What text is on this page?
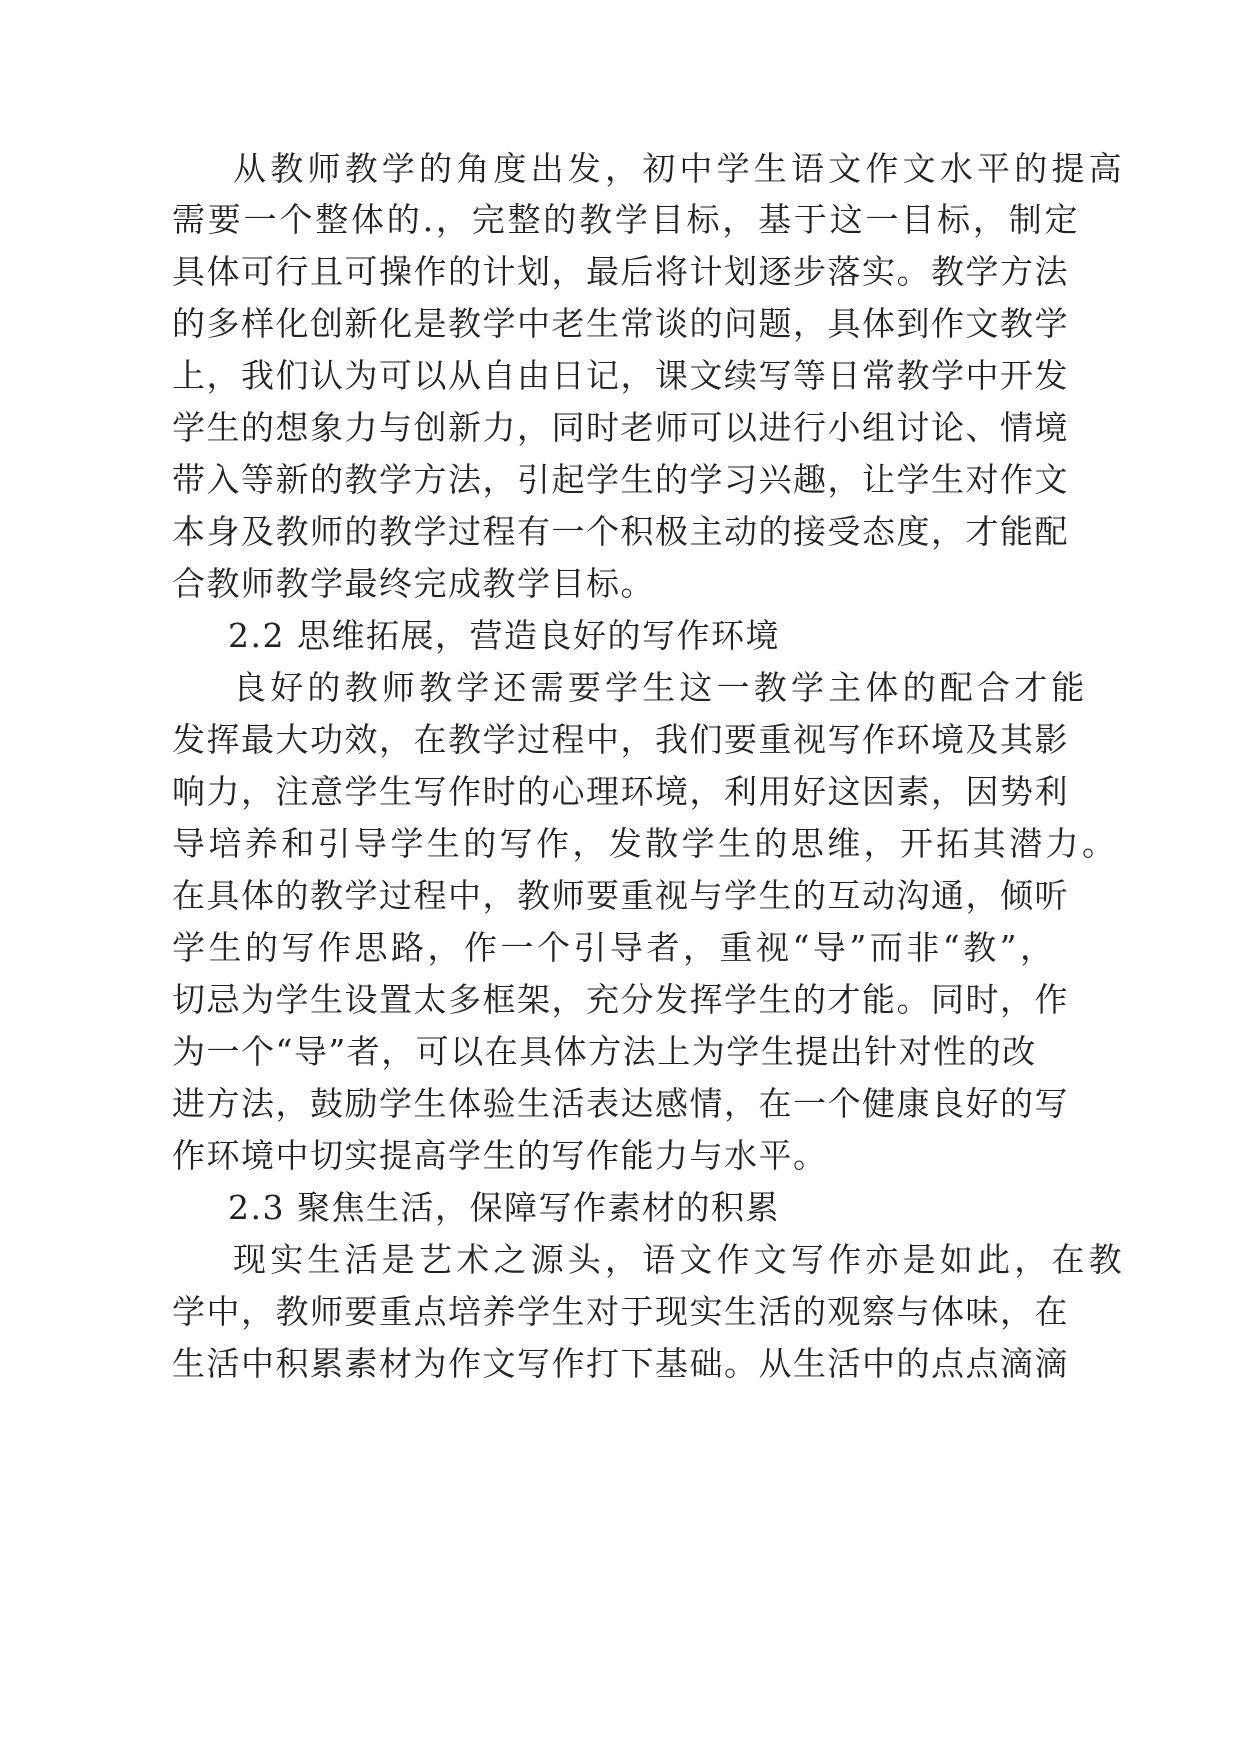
从教师教学的角度出发，初中学生语文作文水平的提高
需要一个整体的.，完整的教学目标，基于这一目标，制定
具体可行且可操作的计划，最后将计划逐步落实。教学方法
的多样化创新化是教学中老生常谈的问题，具体到作文教学
上，我们认为可以从自由日记，课文续写等日常教学中开发
学生的想象力与创新力，同时老师可以进行小组讨论、情境
带入等新的教学方法，引起学生的学习兴趣，让学生对作文
本身及教师的教学过程有一个积极主动的接受态度，才能配
合教师教学最终完成教学目标。
2.2 思维拓展，营造良好的写作环境
良好的教师教学还需要学生这一教学主体的配合才能
发挥最大功效，在教学过程中，我们要重视写作环境及其影
响力，注意学生写作时的心理环境，利用好这因素，因势利
导培养和引导学生的写作，发散学生的思维，开拓其潜力。
在具体的教学过程中，教师要重视与学生的互动沟通，倾听
学生的写作思路，作一个引导者，重视“导”而非“教”，
切忌为学生设置太多框架，充分发挥学生的才能。同时，作
为一个“导”者，可以在具体方法上为学生提出针对性的改
进方法，鼓励学生体验生活表达感情，在一个健康良好的写
作环境中切实提高学生的写作能力与水平。
2.3 聚焦生活，保障写作素材的积累
现实生活是艺术之源头，语文作文写作亦是如此，在教
学中，教师要重点培养学生对于现实生活的观察与体味，在
生活中积累素材为作文写作打下基础。从生活中的点点滴滴
